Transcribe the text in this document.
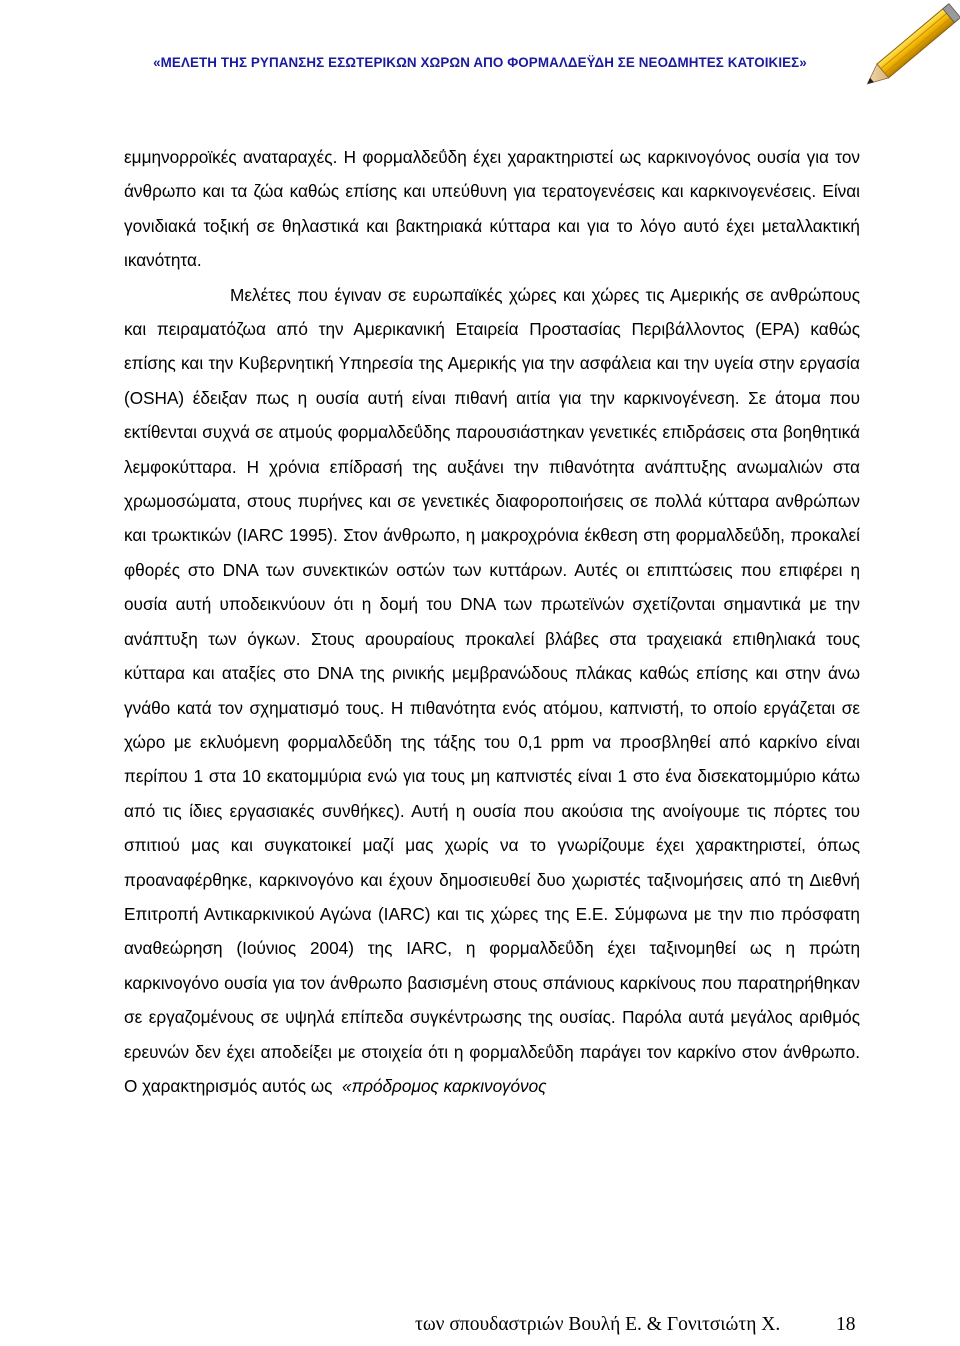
«ΜΕΛΕΤΗ ΤΗΣ ΡΥΠΑΝΣΗΣ ΕΣΩΤΕΡΙΚΩΝ ΧΩΡΩΝ ΑΠΟ ΦΟΡΜΑΛΔΕΫΔΗ ΣΕ ΝΕΟΔΜΗΤΕΣ ΚΑΤΟΙΚΙΕΣ»

εμμηνορροϊκές αναταραχές. Η φορμαλδεΰδη έχει χαρακτηριστεί ως καρκινογόνος ουσία για τον άνθρωπο και τα ζώα καθώς επίσης και υπεύθυνη για τερατογενέσεις και καρκινογενέσεις. Είναι γονιδιακά τοξική σε θηλαστικά και βακτηριακά κύτταρα και για το λόγο αυτό έχει μεταλλακτική ικανότητα.

Μελέτες που έγιναν σε ευρωπαϊκές χώρες και χώρες τις Αμερικής σε ανθρώπους και πειραματόζωα από την Αμερικανική Εταιρεία Προστασίας Περιβάλλοντος (EPA) καθώς επίσης και την Κυβερνητική Υπηρεσία της Αμερικής για την ασφάλεια και την υγεία στην εργασία (OSHA) έδειξαν πως η ουσία αυτή είναι πιθανή αιτία για την καρκινογένεση. Σε άτομα που εκτίθενται συχνά σε ατμούς φορμαλδεΰδης παρουσιάστηκαν γενετικές επιδράσεις στα βοηθητικά λεμφοκύτταρα. Η χρόνια επίδρασή της αυξάνει την πιθανότητα ανάπτυξης ανωμαλιών στα χρωμοσώματα, στους πυρήνες και σε γενετικές διαφοροποιήσεις σε πολλά κύτταρα ανθρώπων και τρωκτικών (IARC 1995). Στον άνθρωπο, η μακροχρόνια έκθεση στη φορμαλδεΰδη, προκαλεί φθορές στο DNA των συνεκτικών οστών των κυττάρων. Αυτές οι επιπτώσεις που επιφέρει η ουσία αυτή υποδεικνύουν ότι η δομή του DNA των πρωτεϊνών σχετίζονται σημαντικά με την ανάπτυξη των όγκων. Στους αρουραίους προκαλεί βλάβες στα τραχειακά επιθηλιακά τους κύτταρα και αταξίες στο DNA της ρινικής μεμβρανώδους πλάκας καθώς επίσης και στην άνω γνάθο κατά τον σχηματισμό τους. Η πιθανότητα ενός ατόμου, καπνιστή, το οποίο εργάζεται σε χώρο με εκλυόμενη φορμαλδεΰδη της τάξης του 0,1 ppm να προσβληθεί από καρκίνο είναι περίπου 1 στα 10 εκατομμύρια ενώ για τους μη καπνιστές είναι 1 στο ένα δισεκατομμύριο κάτω από τις ίδιες εργασιακές συνθήκες). Αυτή η ουσία που ακούσια της ανοίγουμε τις πόρτες του σπιτιού μας και συγκατοικεί μαζί μας χωρίς να το γνωρίζουμε έχει χαρακτηριστεί, όπως προαναφέρθηκε, καρκινογόνο και έχουν δημοσιευθεί δυο χωριστές ταξινομήσεις από τη Διεθνή Επιτροπή Αντικαρκινικού Αγώνα (IARC) και τις χώρες της Ε.Ε. Σύμφωνα με την πιο πρόσφατη αναθεώρηση (Ιούνιος 2004) της IARC, η φορμαλδεΰδη έχει ταξινομηθεί ως η πρώτη καρκινογόνο ουσία για τον άνθρωπο βασισμένη στους σπάνιους καρκίνους που παρατηρήθηκαν σε εργαζομένους σε υψηλά επίπεδα συγκέντρωσης της ουσίας. Παρόλα αυτά μεγάλος αριθμός ερευνών δεν έχει αποδείξει με στοιχεία ότι η φορμαλδεΰδη παράγει τον καρκίνο στον άνθρωπο. Ο χαρακτηρισμός αυτός ως «πρόδρομος καρκινογόνος

των σπουδαστριών Βουλή Ε. & Γονιτσιώτη Χ.	18
